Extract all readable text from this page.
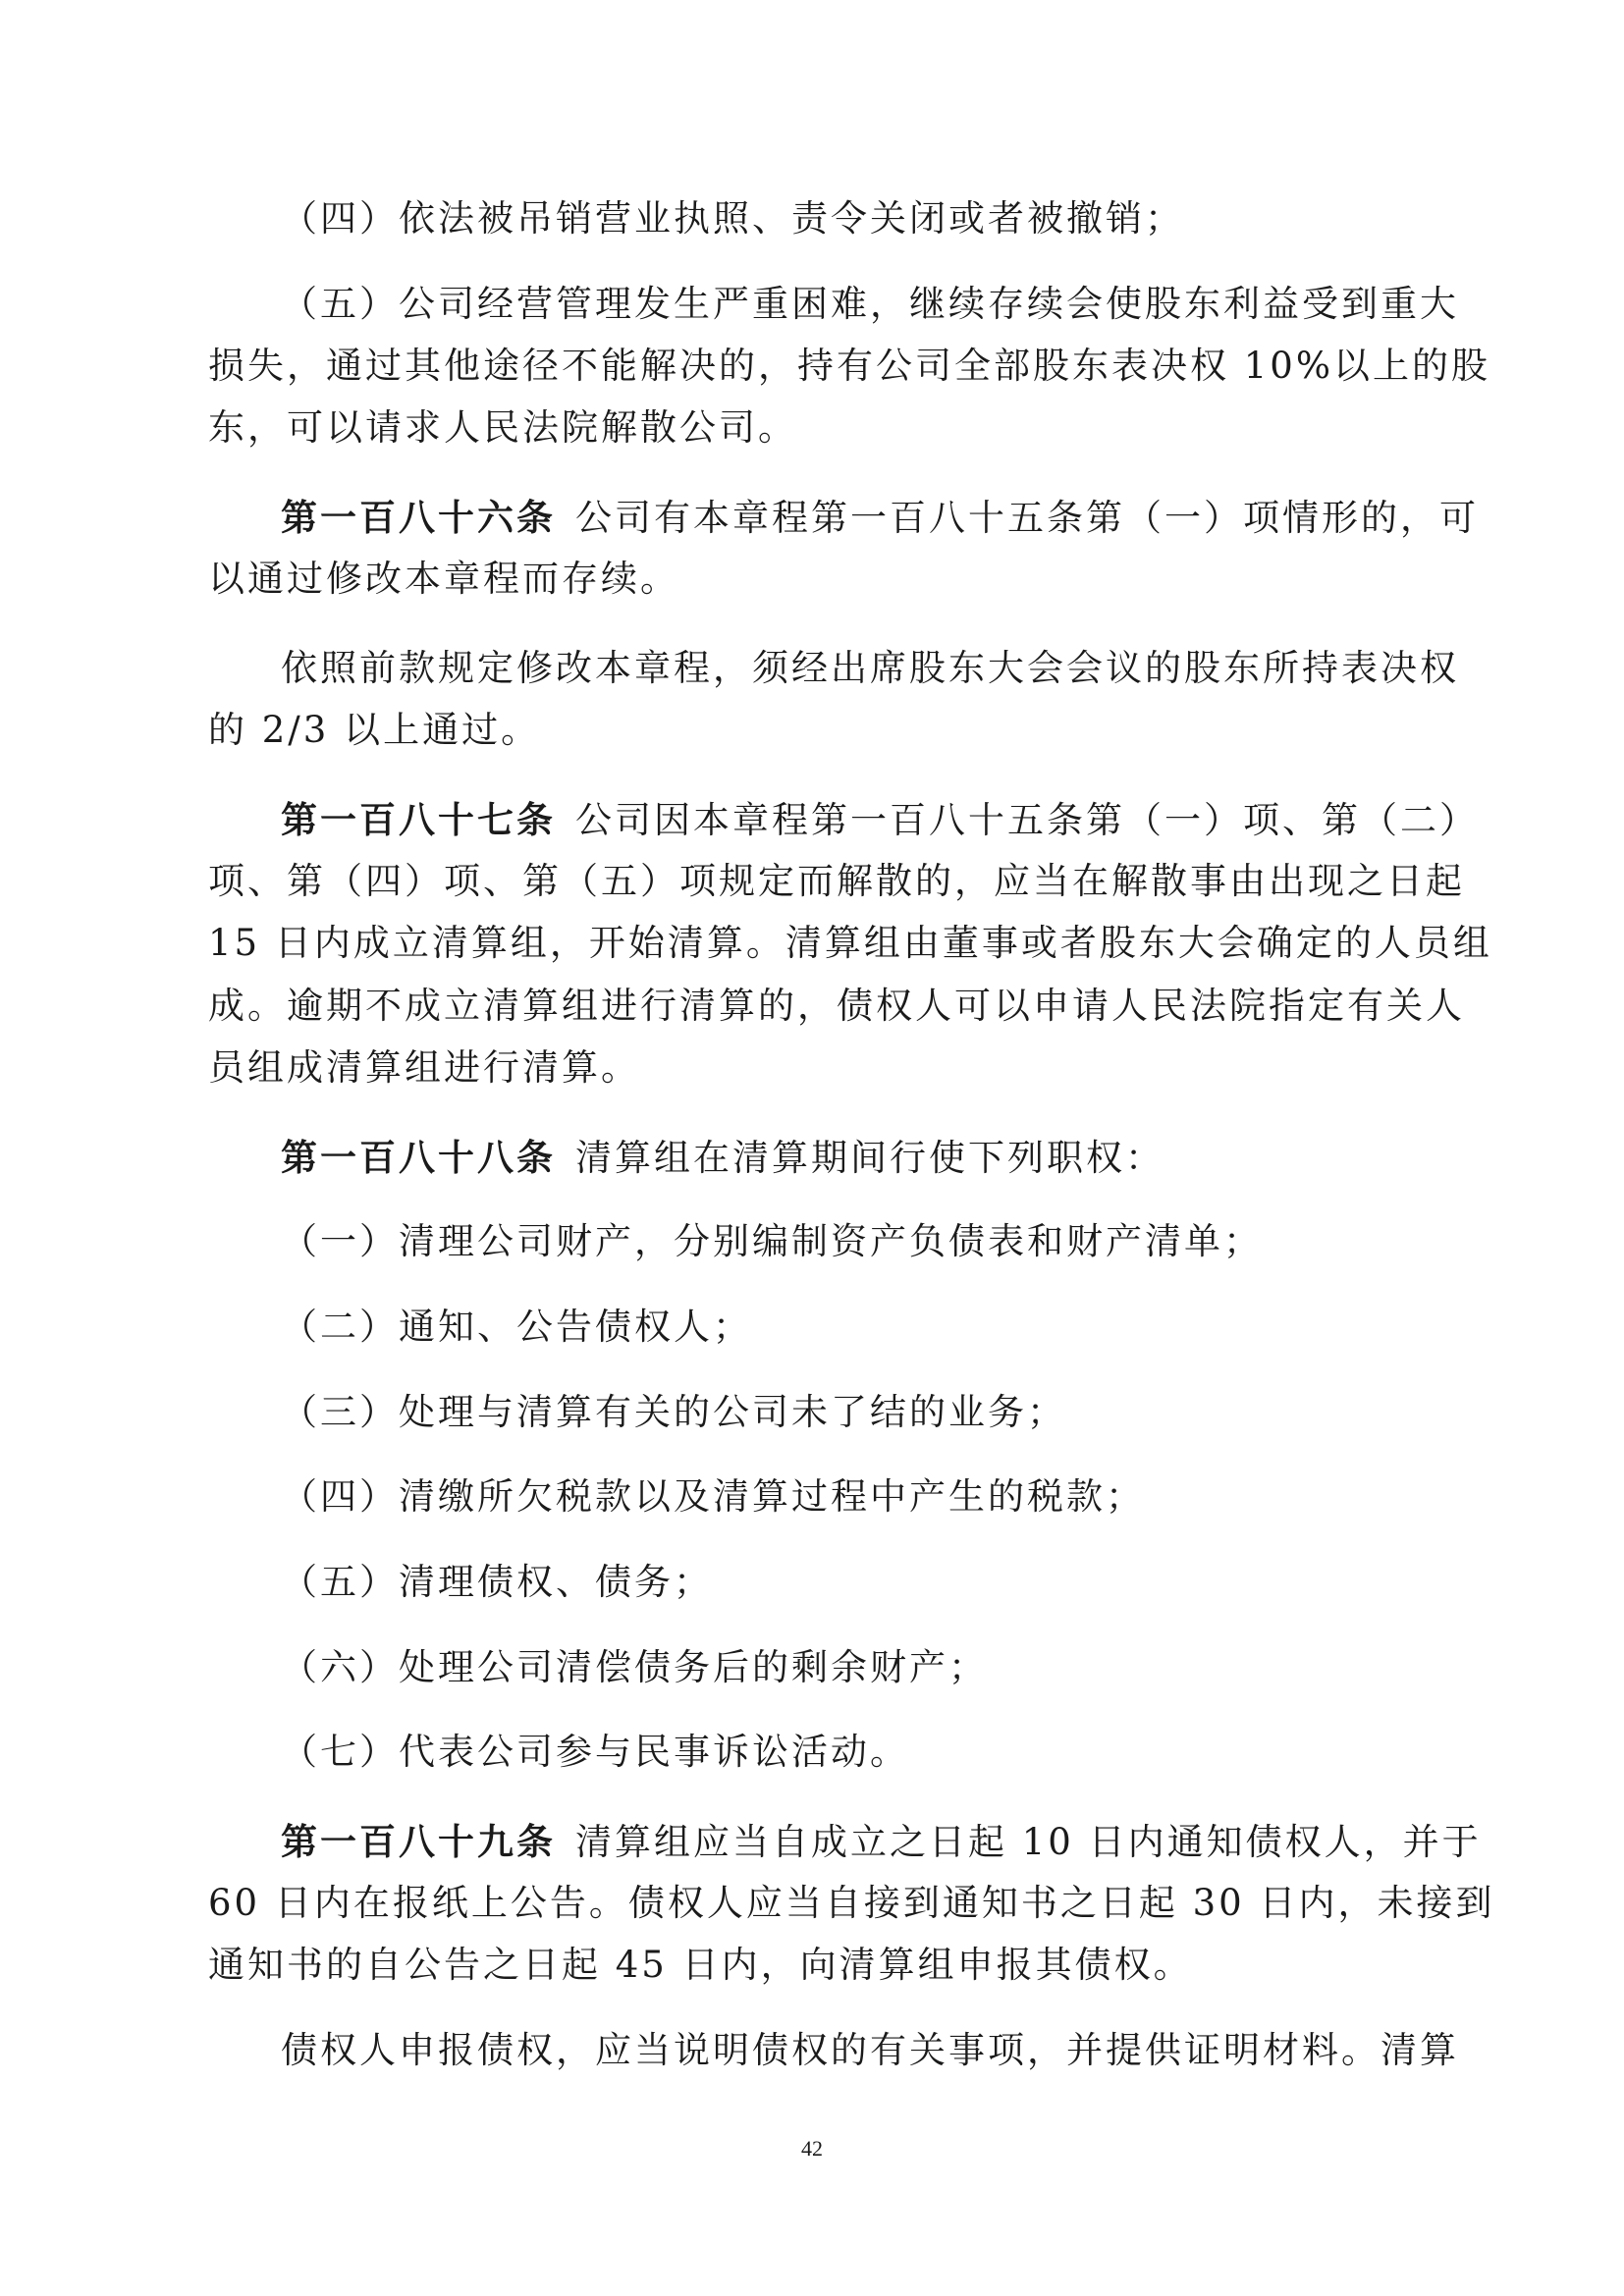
（四）依法被吊销营业执照、责令关闭或者被撤销；
（五）公司经营管理发生严重困难，继续存续会使股东利益受到重大
损失，通过其他途径不能解决的，持有公司全部股东表决权 10%以上的股
东，可以请求人民法院解散公司。
第一百八十六条 公司有本章程第一百八十五条第（一）项情形的，可
以通过修改本章程而存续。
依照前款规定修改本章程，须经出席股东大会会议的股东所持表决权
的 2/3 以上通过。
第一百八十七条 公司因本章程第一百八十五条第（一）项、第（二）
项、第（四）项、第（五）项规定而解散的，应当在解散事由出现之日起
15 日内成立清算组，开始清算。清算组由董事或者股东大会确定的人员组
成。逾期不成立清算组进行清算的，债权人可以申请人民法院指定有关人
员组成清算组进行清算。
第一百八十八条 清算组在清算期间行使下列职权：
（一）清理公司财产，分别编制资产负债表和财产清单；
（二）通知、公告债权人；
（三）处理与清算有关的公司未了结的业务；
（四）清缴所欠税款以及清算过程中产生的税款；
（五）清理债权、债务；
（六）处理公司清偿债务后的剩余财产；
（七）代表公司参与民事诉讼活动。
第一百八十九条 清算组应当自成立之日起 10 日内通知债权人，并于
60 日内在报纸上公告。债权人应当自接到通知书之日起 30 日内，未接到
通知书的自公告之日起 45 日内，向清算组申报其债权。
债权人申报债权，应当说明债权的有关事项，并提供证明材料。清算
42
